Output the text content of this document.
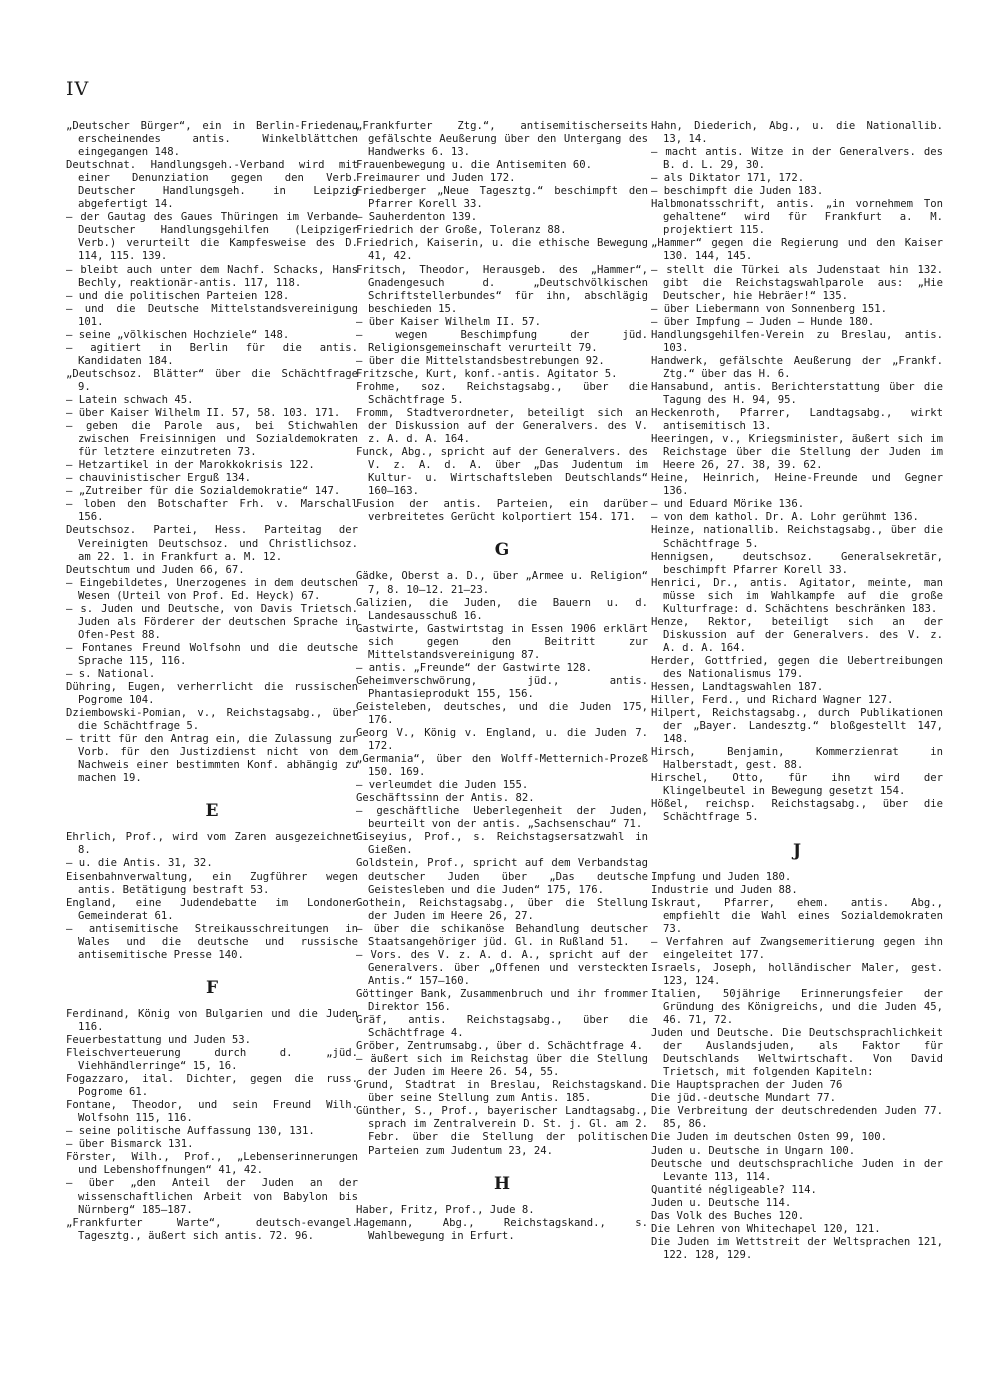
IV

„Deutscher Bürger“, ein in Berlin-Friedenau erscheinendes antis. Winkelblättchen eingegangen 148.

Deutschnat. Handlungsgeh.-Verband wird mit einer Denunziation gegen den Verb. Deutscher Handlungsgeh. in Leipzig abgefertigt 14.

— der Gautag des Gaues Thüringen im Verbande Deutscher Handlungsgehilfen (Leipziger Verb.) verurteilt die Kampfesweise des D. 114, 115. 139.

— bleibt auch unter dem Nachf. Schacks, Hans Bechly, reaktionär-antis. 117, 118.

— und die politischen Parteien 128.

— und die Deutsche Mittelstandsvereinigung 101.

— seine „völkischen Hochziele“ 148.

— agitiert in Berlin für die antis. Kandidaten 184.

„Deutschsoz. Blätter“ über die Schächtfrage 9.

— Latein schwach 45.

— über Kaiser Wilhelm II. 57, 58. 103. 171.

— geben die Parole aus, bei Stichwahlen zwischen Freisinnigen und Sozialdemokraten für letztere einzutreten 73.

— Hetzartikel in der Marokkokrisis 122.

— chauvinistischer Erguß 134.

— „Zutreiber für die Sozialdemokratie“ 147.

— loben den Botschafter Frh. v. Marschall 156.

Deutschsoz. Partei, Hess. Parteitag der Vereinigten Deutschsoz. und Christlichsoz. am 22. 1. in Frankfurt a. M. 12.

Deutschtum und Juden 66, 67.

— Eingebildetes, Unerzogenes in dem deutschen Wesen (Urteil von Prof. Ed. Heyck) 67.

— s. Juden und Deutsche, von Davis Trietsch. Juden als Förderer der deutschen Sprache in Ofen-Pest 88.

— Fontanes Freund Wolfsohn und die deutsche Sprache 115, 116.

— s. National.

Dühring, Eugen, verherrlicht die russischen Pogrome 104.

Dziembowski-Pomian, v., Reichstagsabg., über die Schächtfrage 5.

— tritt für den Antrag ein, die Zulassung zur Vorb. für den Justizdienst nicht von dem Nachweis einer bestimmten Konf. abhängig zu machen 19.

E

Ehrlich, Prof., wird vom Zaren ausgezeichnet 8.

— u. die Antis. 31, 32.

Eisenbahnverwaltung, ein Zugführer wegen antis. Betätigung bestraft 53.

England, eine Judendebatte im Londoner Gemeinderat 61.

— antisemitische Streikausschreitungen in Wales und die deutsche und russische antisemitische Presse 140.

F

Ferdinand, König von Bulgarien und die Juden 116.

Feuerbestattung und Juden 53.

Fleischverteuerung durch d. „jüd. Viehhändlerringe“ 15, 16.

Fogazzaro, ital. Dichter, gegen die russ. Pogrome 61.

Fontane, Theodor, und sein Freund Wilh. Wolfsohn 115, 116.

— seine politische Auffassung 130, 131.

— über Bismarck 131.

Förster, Wilh., Prof., „Lebenserinnerungen und Lebenshoffnungen“ 41, 42.

— über „den Anteil der Juden an der wissenschaftlichen Arbeit von Babylon bis Nürnberg“ 185—187.

„Frankfurter Warte“, deutsch-evangel. Tagesztg., äußert sich antis. 72. 96.

„Frankfurter Ztg.“, antisemitischerseits gefälschte Aeußerung über den Untergang des Handwerks 6. 13.

Frauenbewegung u. die Antisemiten 60.

Freimaurer und Juden 172.

Friedberger „Neue Tagesztg.“ beschimpft den Pfarrer Korell 33.

— Sauherdenton 139.

Friedrich der Große, Toleranz 88.

Friedrich, Kaiserin, u. die ethische Bewegung 41, 42.

Fritsch, Theodor, Herausgeb. des „Hammer“, Gnadengesuch d. „Deutschvölkischen Schriftstellerbundes“ für ihn, abschlägig beschieden 15.

— über Kaiser Wilhelm II. 57.

— wegen Beschimpfung der jüd. Religionsgemeinschaft verurteilt 79.

— über die Mittelstandsbestrebungen 92.

Fritzsche, Kurt, konf.-antis. Agitator 5.

Frohme, soz. Reichstagsabg., über die Schächtfrage 5.

Fromm, Stadtverordneter, beteiligt sich an der Diskussion auf der Generalvers. des V. z. A. d. A. 164.

Funck, Abg., spricht auf der Generalvers. des V. z. A. d. A. über „Das Judentum im Kultur- u. Wirtschaftsleben Deutschlands“ 160—163.

Fusion der antis. Parteien, ein darüber verbreitetes Gerücht kolportiert 154. 171.

G

Gädke, Oberst a. D., über „Armee u. Religion“ 7, 8. 10—12. 21—23.

Galizien, die Juden, die Bauern u. d. Landesausschuß 16.

Gastwirte, Gastwirtstag in Essen 1906 erklärt sich gegen den Beitritt zur Mittelstandsvereinigung 87.

— antis. „Freunde“ der Gastwirte 128.

Geheimverschwörung, jüd., antis. Phantasieprodukt 155, 156.

Geisteleben, deutsches, und die Juden 175, 176.

Georg V., König v. England, u. die Juden 7. 172.

„Germania“, über den Wolff-Metternich-Prozeß 150. 169.

— verleumdet die Juden 155.

Geschäftssinn der Antis. 82.

— geschäftliche Ueberlegenheit der Juden, beurteilt von der antis. „Sachsenschau“ 71.

Giseyius, Prof., s. Reichstagsersatzwahl in Gießen.

Goldstein, Prof., spricht auf dem Verbandstag deutscher Juden über „Das deutsche Geistesleben und die Juden“ 175, 176.

Gothein, Reichstagsabg., über die Stellung der Juden im Heere 26, 27.

— über die schikanöse Behandlung deutscher Staatsangehöriger jüd. Gl. in Rußland 51.

— Vors. des V. z. A. d. A., spricht auf der Generalvers. über „Offenen und versteckten Antis.“ 157—160.

Göttinger Bank, Zusammenbruch und ihr frommer Direktor 156.

Gräf, antis. Reichstagsabg., über die Schächtfrage 4.

Gröber, Zentrumsabg., über d. Schächtfrage 4.

— äußert sich im Reichstag über die Stellung der Juden im Heere 26. 54, 55.

Grund, Stadtrat in Breslau, Reichstagskand. über seine Stellung zum Antis. 185.

Günther, S., Prof., bayerischer Landtagsabg., sprach im Zentralverein D. St. j. Gl. am 2. Febr. über die Stellung der politischen Parteien zum Judentum 23, 24.

H

Haber, Fritz, Prof., Jude 8.

Hagemann, Abg., Reichstagskand., s. Wahlbewegung in Erfurt.

Hahn, Diederich, Abg., u. die Nationallib. 13, 14.

— macht antis. Witze in der Generalvers. des B. d. L. 29, 30.

— als Diktator 171, 172.

— beschimpft die Juden 183.

Halbmonatsschrift, antis. „in vornehmem Ton gehaltene“ wird für Frankfurt a. M. projektiert 115.

„Hammer“ gegen die Regierung und den Kaiser 130. 144, 145.

— stellt die Türkei als Judenstaat hin 132. gibt die Reichstagswahlparole aus: „Hie Deutscher, hie Hebräer!“ 135.

— über Liebermann von Sonnenberg 151.

— über Impfung — Juden — Hunde 180.

Handlungsgehilfen-Verein zu Breslau, antis. 103.

Handwerk, gefälschte Aeußerung der „Frankf. Ztg.“ über das H. 6.

Hansabund, antis. Berichterstattung über die Tagung des H. 94, 95.

Heckenroth, Pfarrer, Landtagsabg., wirkt antisemitisch 13.

Heeringen, v., Kriegsminister, äußert sich im Reichstage über die Stellung der Juden im Heere 26, 27. 38, 39. 62.

Heine, Heinrich, Heine-Freunde und Gegner 136.

— und Eduard Mörike 136.

— von dem kathol. Dr. A. Lohr gerühmt 136.

Heinze, nationallib. Reichstagsabg., über die Schächtfrage 5.

Hennigsen, deutschsoz. Generalsekretär, beschimpft Pfarrer Korell 33.

Henrici, Dr., antis. Agitator, meinte, man müsse sich im Wahlkampfe auf die große Kulturfrage: d. Schächtens beschränken 183.

Henze, Rektor, beteiligt sich an der Diskussion auf der Generalvers. des V. z. A. d. A. 164.

Herder, Gottfried, gegen die Uebertreibungen des Nationalismus 179.

Hessen, Landtagswahlen 187.

Hiller, Ferd., und Richard Wagner 127.

Hilpert, Reichstagsabg., durch Publikationen der „Bayer. Landesztg.“ bloßgestellt 147, 148.

Hirsch, Benjamin, Kommerzienrat in Halberstadt, gest. 88.

Hirschel, Otto, für ihn wird der Klingelbeutel in Bewegung gesetzt 154.

Hößel, reichsp. Reichstagsabg., über die Schächtfrage 5.

J

Impfung und Juden 180.

Industrie und Juden 88.

Iskraut, Pfarrer, ehem. antis. Abg., empfiehlt die Wahl eines Sozialdemokraten 73.

— Verfahren auf Zwangsemeritierung gegen ihn eingeleitet 177.

Israels, Joseph, holländischer Maler, gest. 123, 124.

Italien, 50jährige Erinnerungsfeier der Gründung des Königreichs, und die Juden 45, 46. 71, 72.

Juden und Deutsche. Die Deutschsprachlichkeit der Auslandsjuden, als Faktor für Deutschlands Weltwirtschaft. Von David Trietsch, mit folgenden Kapiteln:

Die Hauptsprachen der Juden 76

Die jüd.-deutsche Mundart 77.

Die Verbreitung der deutschredenden Juden 77. 85, 86.

Die Juden im deutschen Osten 99, 100.

Juden u. Deutsche in Ungarn 100.

Deutsche und deutschsprachliche Juden in der Levante 113, 114.

Quantité négligeable? 114.

Juden u. Deutsche 114.

Das Volk des Buches 120.

Die Lehren von Whitechapel 120, 121.

Die Juden im Wettstreit der Weltsprachen 121, 122. 128, 129.
